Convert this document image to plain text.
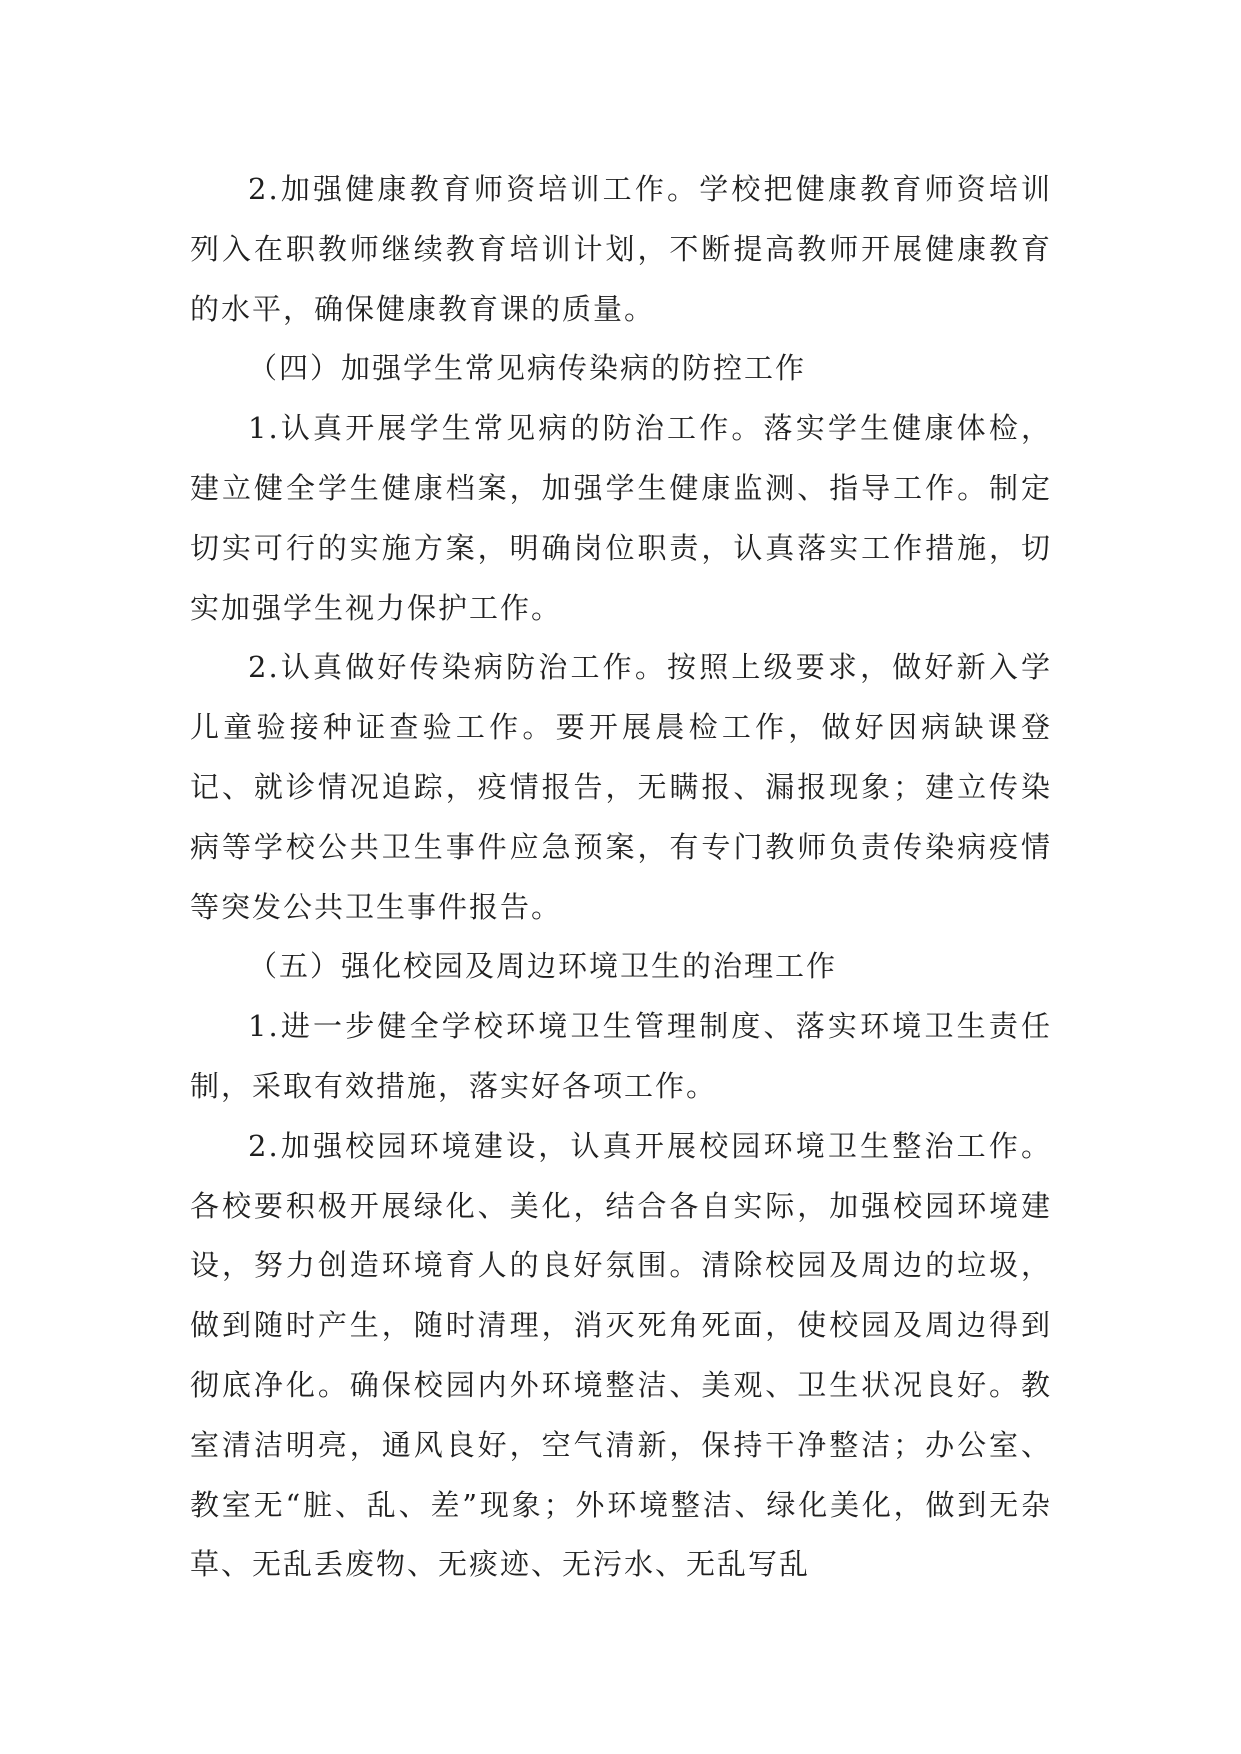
2.加强健康教育师资培训工作。学校把健康教育师资培训列入在职教师继续教育培训计划，不断提高教师开展健康教育的水平，确保健康教育课的质量。

（四）加强学生常见病传染病的防控工作

1.认真开展学生常见病的防治工作。落实学生健康体检，建立健全学生健康档案，加强学生健康监测、指导工作。制定切实可行的实施方案，明确岗位职责，认真落实工作措施，切实加强学生视力保护工作。

2.认真做好传染病防治工作。按照上级要求，做好新入学儿童验接种证查验工作。要开展晨检工作，做好因病缺课登记、就诊情况追踪，疫情报告，无瞒报、漏报现象；建立传染病等学校公共卫生事件应急预案，有专门教师负责传染病疫情等突发公共卫生事件报告。

（五）强化校园及周边环境卫生的治理工作

1.进一步健全学校环境卫生管理制度、落实环境卫生责任制，采取有效措施，落实好各项工作。

2.加强校园环境建设，认真开展校园环境卫生整治工作。各校要积极开展绿化、美化，结合各自实际，加强校园环境建设，努力创造环境育人的良好氛围。清除校园及周边的垃圾，做到随时产生，随时清理，消灭死角死面，使校园及周边得到彻底净化。确保校园内外环境整洁、美观、卫生状况良好。教室清洁明亮，通风良好，空气清新，保持干净整洁；办公室、教室无“脏、乱、差”现象；外环境整洁、绿化美化，做到无杂草、无乱丢废物、无痰迹、无污水、无乱写乱
